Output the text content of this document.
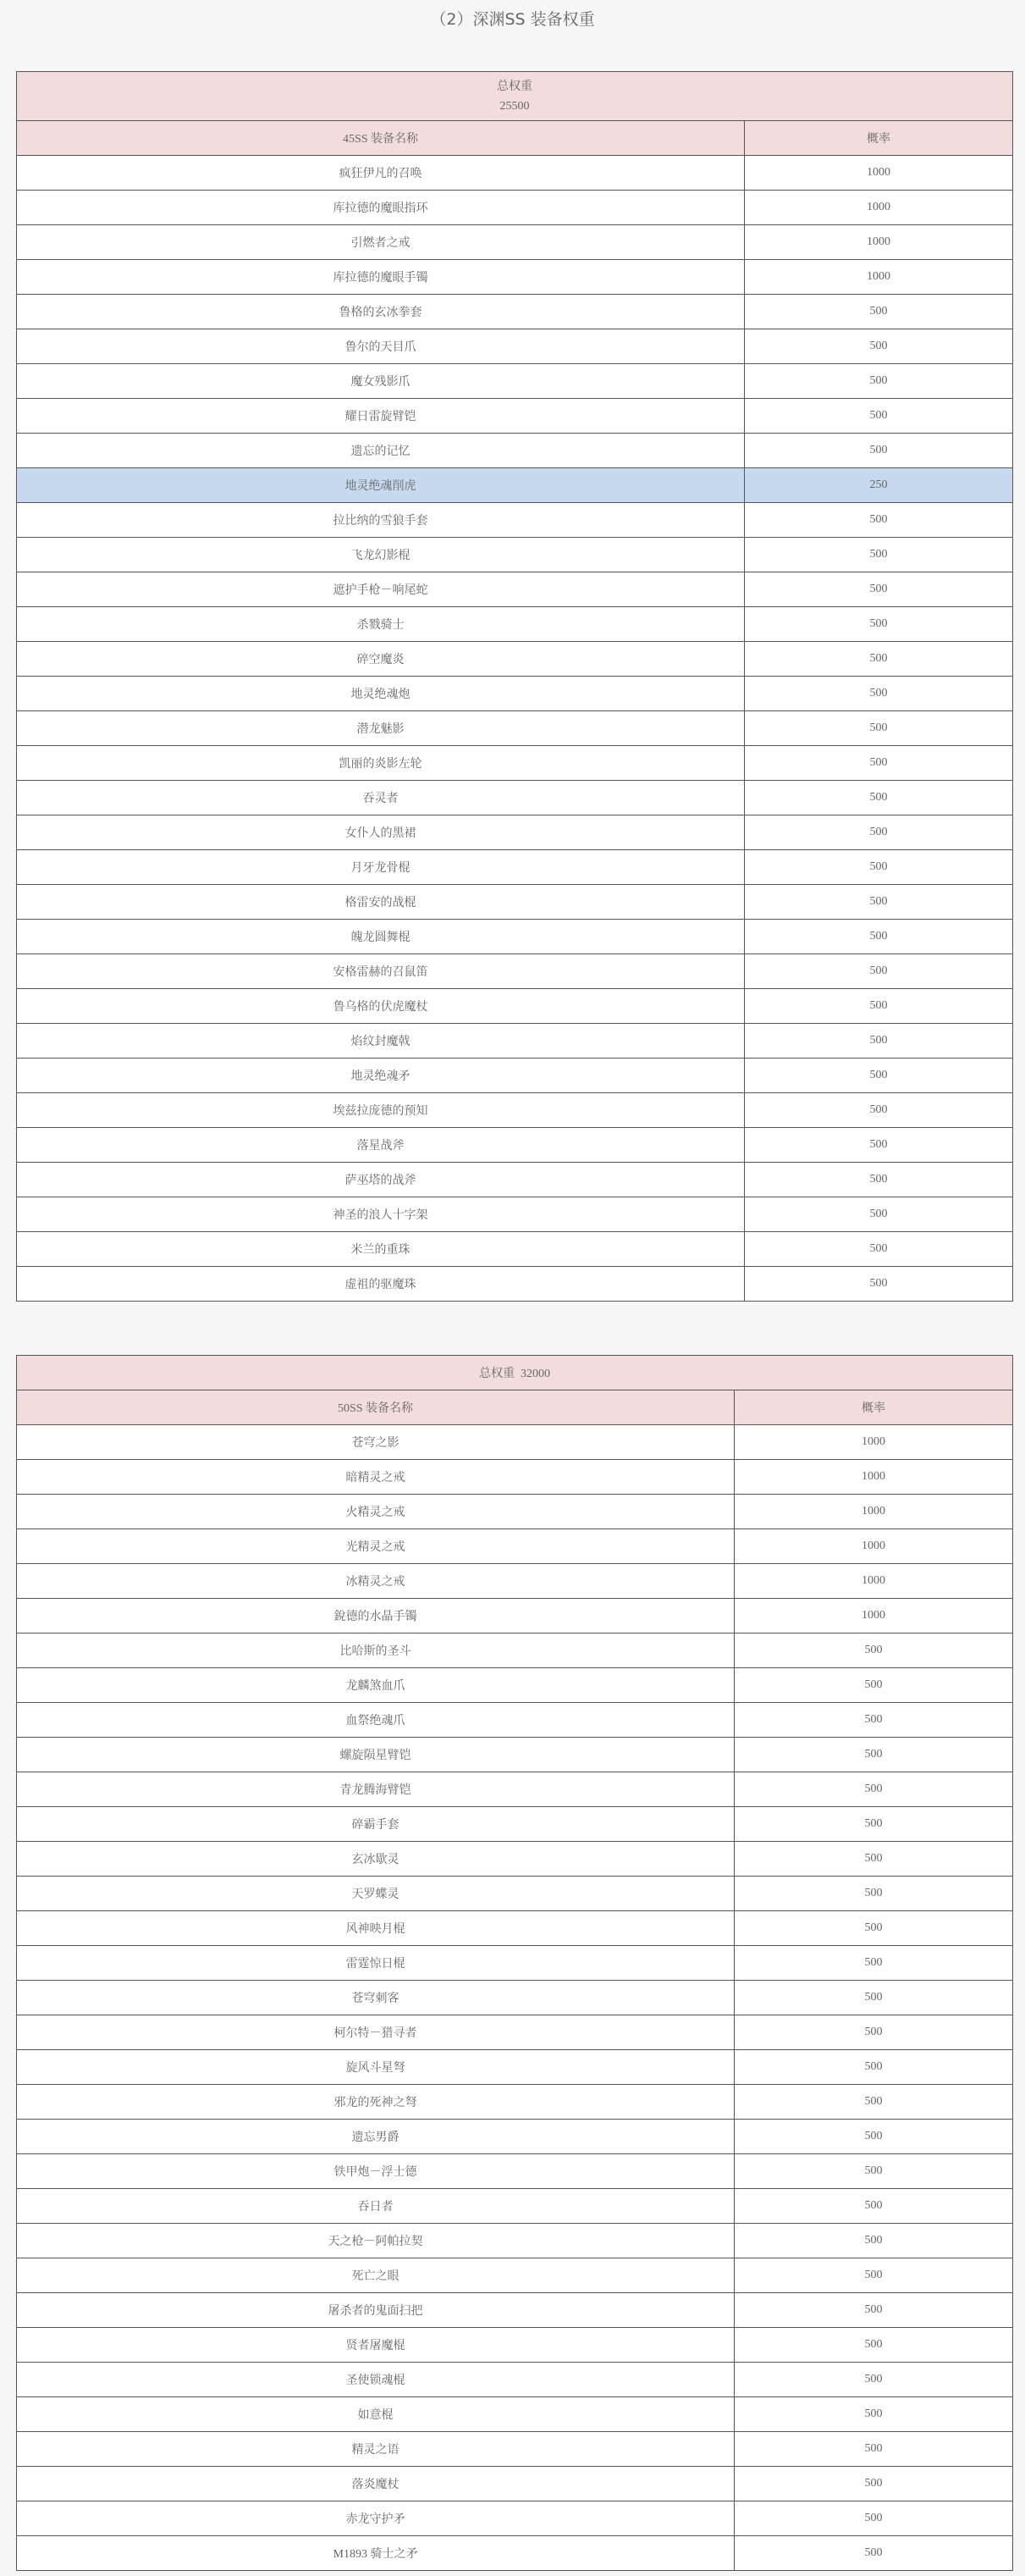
（2）深渊SS 装备权重
总权重
25500	

45SS 装备名称	概率
疯狂伊凡的召唤	1000
库拉德的魔眼指环	1000
引燃者之戒	1000
库拉德的魔眼手镯	1000
鲁格的玄冰拳套	500
鲁尔的天目爪	500
魔女残影爪	500
耀日雷旋臂铠	500
遗忘的记忆	500
地灵绝魂削虎	250
拉比纳的雪狼手套	500
飞龙幻影棍	500
遮护手枪－响尾蛇	500
杀戮骑士	500
碎空魔炎	500
地灵绝魂炮	500
潜龙魅影	500
凯丽的炎影左轮	500
吞灵者	500
女仆人的黑裙	500
月牙龙骨棍	500
格雷安的战棍	500
魄龙圆舞棍	500
安格雷赫的召鼠笛	500
鲁乌格的伏虎魔杖	500
焰纹封魔戟	500
地灵绝魂矛	500
埃兹拉庞德的预知	500
落星战斧	500
萨巫塔的战斧	500
神圣的浪人十字架	500
米兰的重珠	500
虚祖的驱魔珠	500
总权重 32000	
50SS 装备名称	概率
苍穹之影	1000
暗精灵之戒	1000
火精灵之戒	1000
光精灵之戒	1000
冰精灵之戒	1000
銳德的水晶手镯	1000
比哈斯的圣斗	500
龙麟煞血爪	500
血祭绝魂爪	500
螺旋陨星臂铠	500
青龙腾海臂铠	500
碎霸手套	500
玄冰歇灵	500
天罗蝶灵	500
风神映月棍	500
雷霆惊日棍	500
苍穹刺客	500
柯尔特－猎寻者	500
旋风斗星弩	500
邪龙的死神之弩	500
遗忘男爵	500
铁甲炮－浮士德	500
吞日者	500
天之枪－阿帕拉契	500
死亡之眼	500
屠杀者的鬼面扫把	500
贤者屠魔棍	500
圣使锁魂棍	500
如意棍	500
精灵之语	500
落炎魔杖	500
赤龙守护矛	500
M1893 骑士之矛	500
